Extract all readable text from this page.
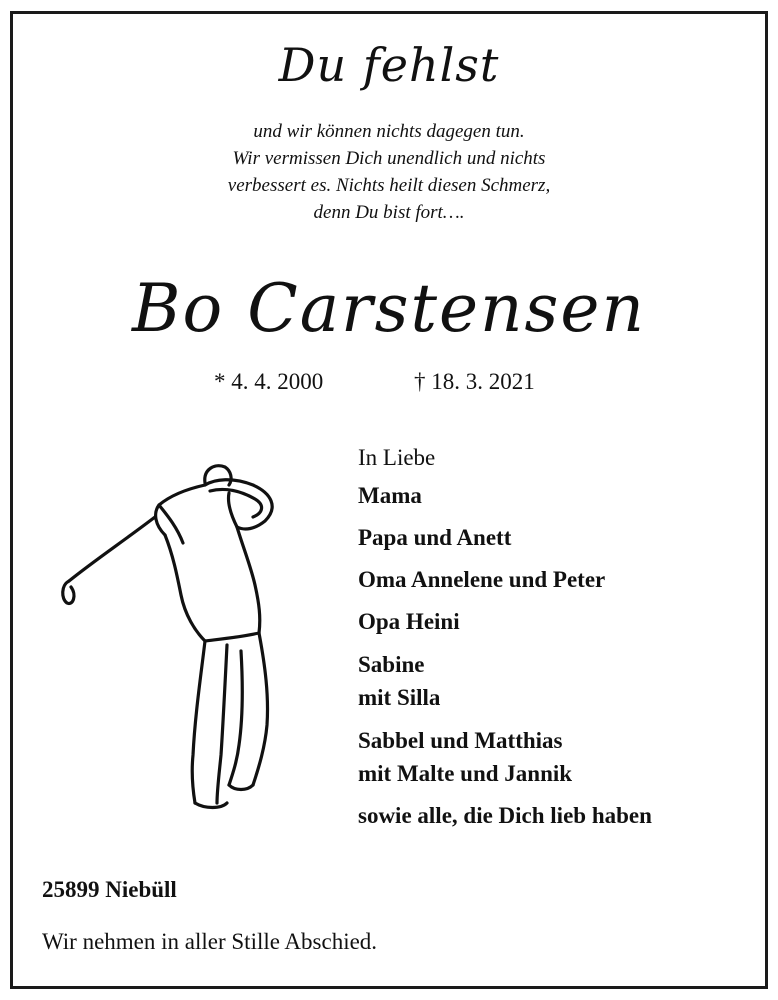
Du fehlst
und wir können nichts dagegen tun.
Wir vermissen Dich unendlich und nichts
verbessert es. Nichts heilt diesen Schmerz,
denn Du bist fort….
Bo Carstensen
* 4. 4. 2000	† 18. 3. 2021
In Liebe
Mama
Papa und Anett
Oma Annelene und Peter
Opa Heini
Sabine
mit Silla
Sabbel und Matthias
mit Malte und Jannik
sowie alle, die Dich lieb haben
25899 Niebüll
Wir nehmen in aller Stille Abschied.
